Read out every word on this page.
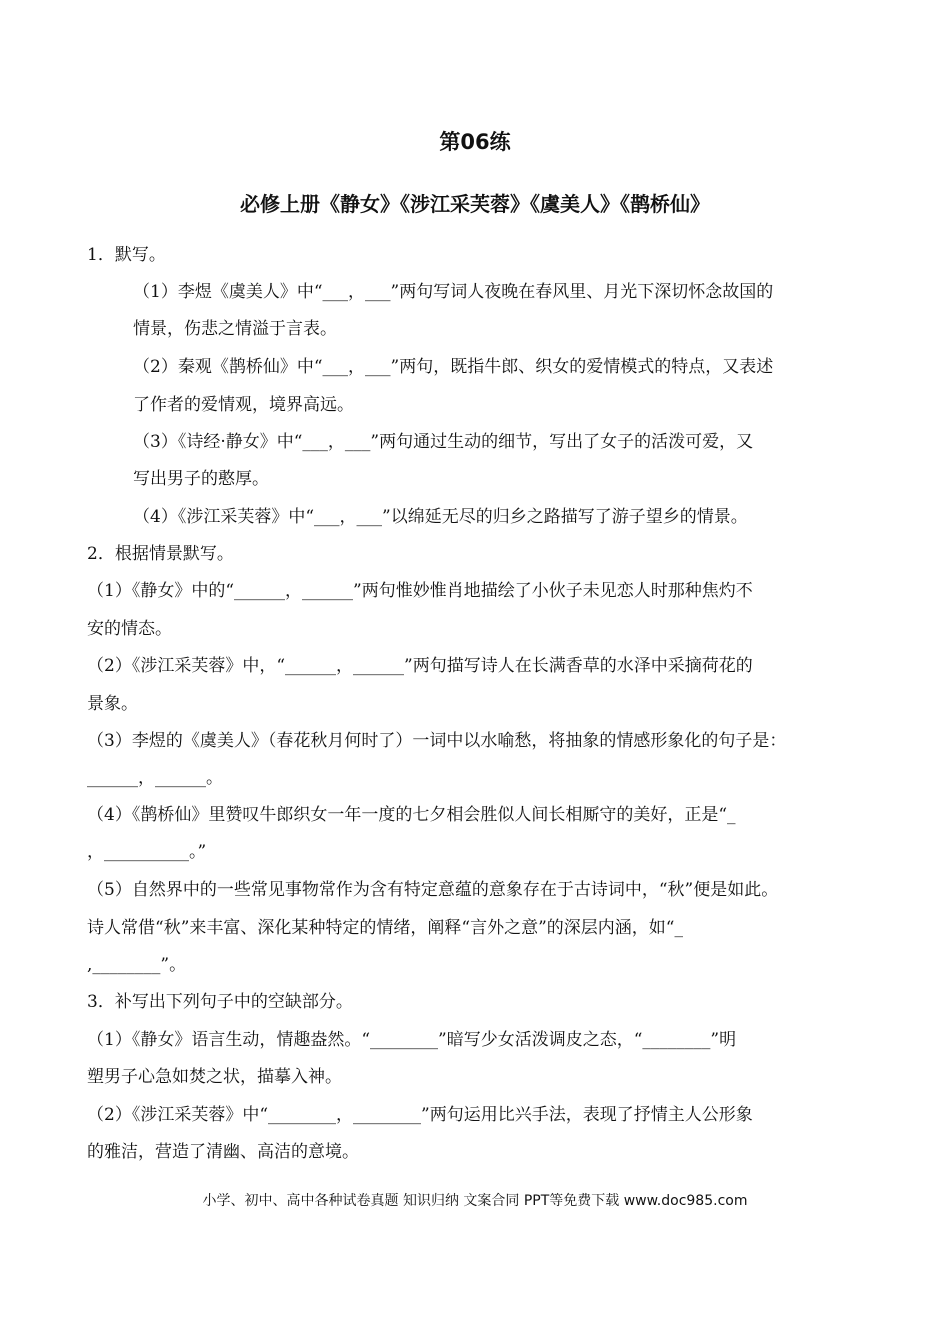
第06练
必修上册《静女》《涉江采芙蓉》《虞美人》《鹊桥仙》
1．默写。
（1）李煜《虞美人》中“___，___”两句写词人夜晚在春风里、月光下深切怀念故国的
情景，伤悲之情溢于言表。
（2）秦观《鹊桥仙》中“___，___”两句，既指牛郎、织女的爱情模式的特点，又表述
了作者的爱情观，境界高远。
（3）《诗经·静女》中“___，___”两句通过生动的细节，写出了女子的活泼可爱，又
写出男子的憨厚。
（4）《涉江采芙蓉》中“___，___”以绵延无尽的归乡之路描写了游子望乡的情景。
2．根据情景默写。
（1）《静女》中的“______，______”两句惟妙惟肖地描绘了小伙子未见恋人时那种焦灼不
安的情态。
（2）《涉江采芙蓉》中，“______，______”两句描写诗人在长满香草的水泽中采摘荷花的
景象。
（3）李煜的《虞美人》（春花秋月何时了）一词中以水喻愁，将抽象的情感形象化的句子是：
______，______。
（4）《鹊桥仙》里赞叹牛郎织女一年一度的七夕相会胜似人间长相厮守的美好，正是“_
，__________。”
（5）自然界中的一些常见事物常作为含有特定意蕴的意象存在于古诗词中，“秋”便是如此。
诗人常借“秋”来丰富、深化某种特定的情绪，阐释“言外之意”的深层内涵，如“_
,________”。
3．补写出下列句子中的空缺部分。
（1）《静女》语言生动，情趣盎然。“________”暗写少女活泼调皮之态，“________”明
塑男子心急如焚之状，描摹入神。
（2）《涉江采芙蓉》中“________，________”两句运用比兴手法，表现了抒情主人公形象
的雅洁，营造了清幽、高洁的意境。
小学、初中、高中各种试卷真题 知识归纳 文案合同 PPT等免费下载 www.doc985.com
